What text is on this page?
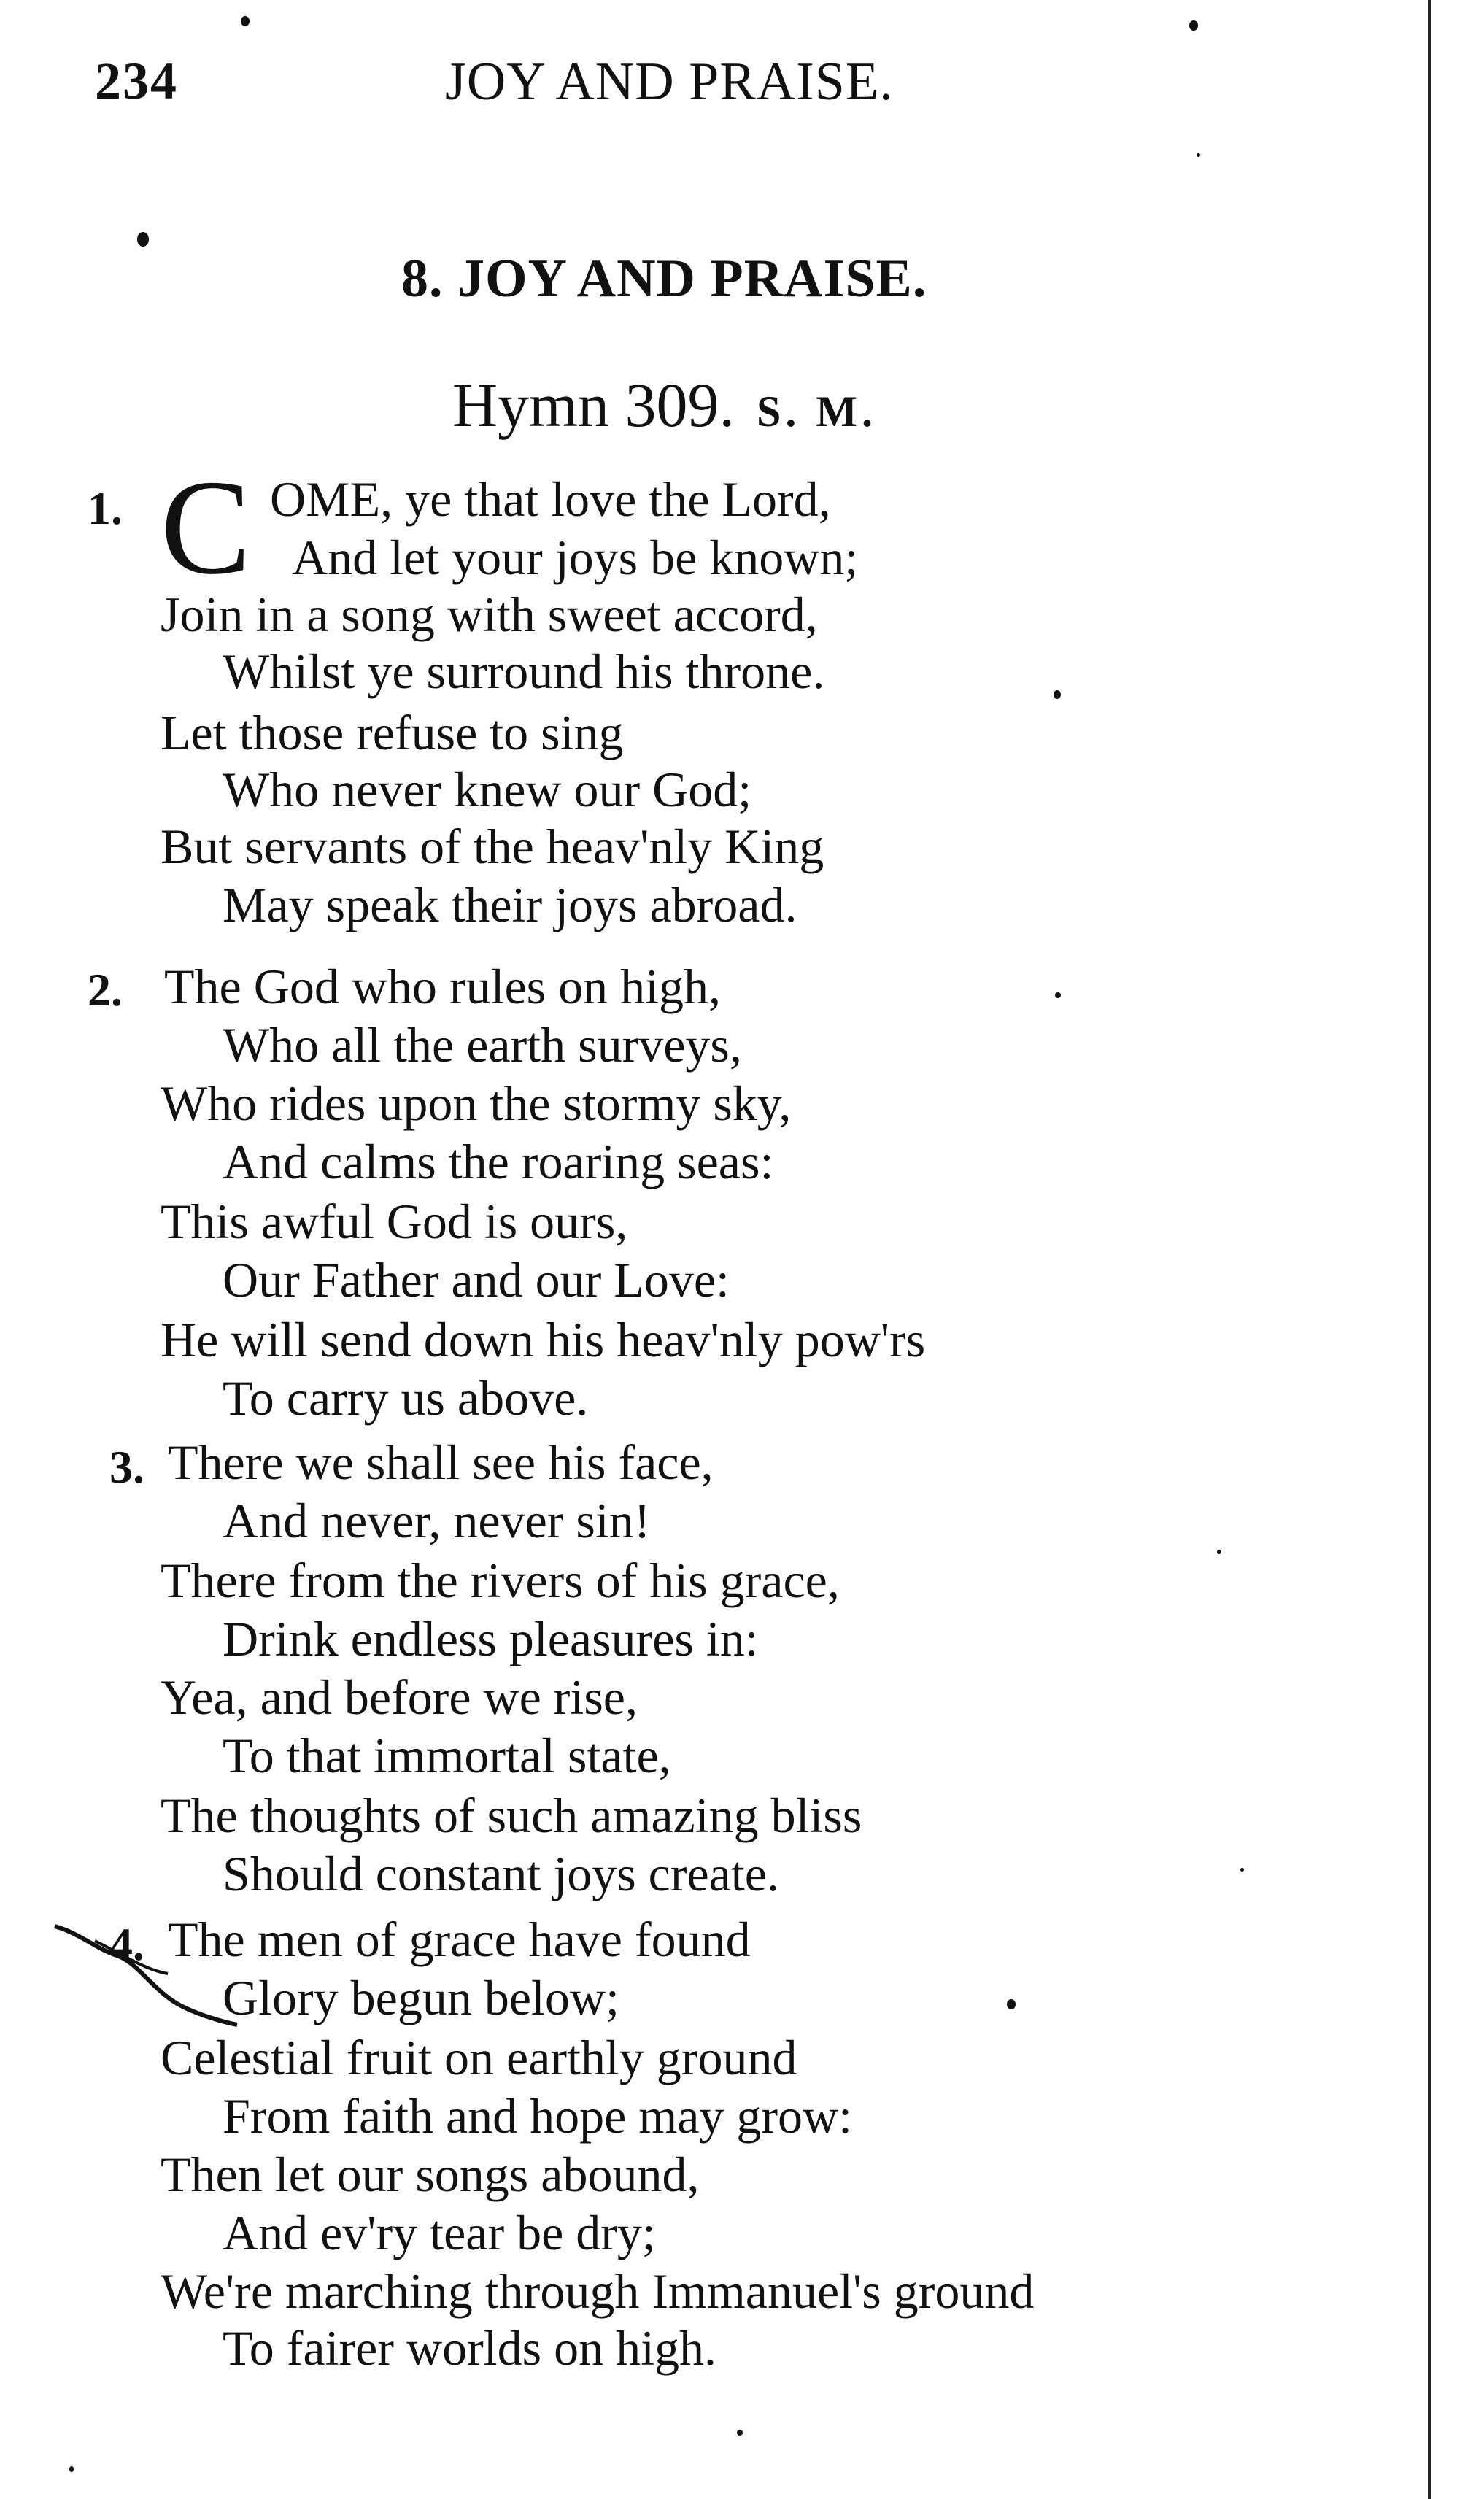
234	JOY AND PRAISE.
8. JOY AND PRAISE.
Hymn 309. S. M.
1. C OME, ye that love the Lord,
And let your joys be known;
Join in a song with sweet accord,
Whilst ye surround his throne.
Let those refuse to sing
Who never knew our God;
But servants of the heav'nly King
May speak their joys abroad.
2. The God who rules on high,
Who all the earth surveys,
Who rides upon the stormy sky,
And calms the roaring seas:
This awful God is ours,
Our Father and our Love:
He will send down his heav'nly pow'rs
To carry us above.
3. There we shall see his face,
And never, never sin!
There from the rivers of his grace,
Drink endless pleasures in:
Yea, and before we rise,
To that immortal state,
The thoughts of such amazing bliss
Should constant joys create.
4. The men of grace have found
Glory begun below;
Celestial fruit on earthly ground
From faith and hope may grow:
Then let our songs abound,
And ev'ry tear be dry;
We're marching through Immanuel's ground
To fairer worlds on high.
